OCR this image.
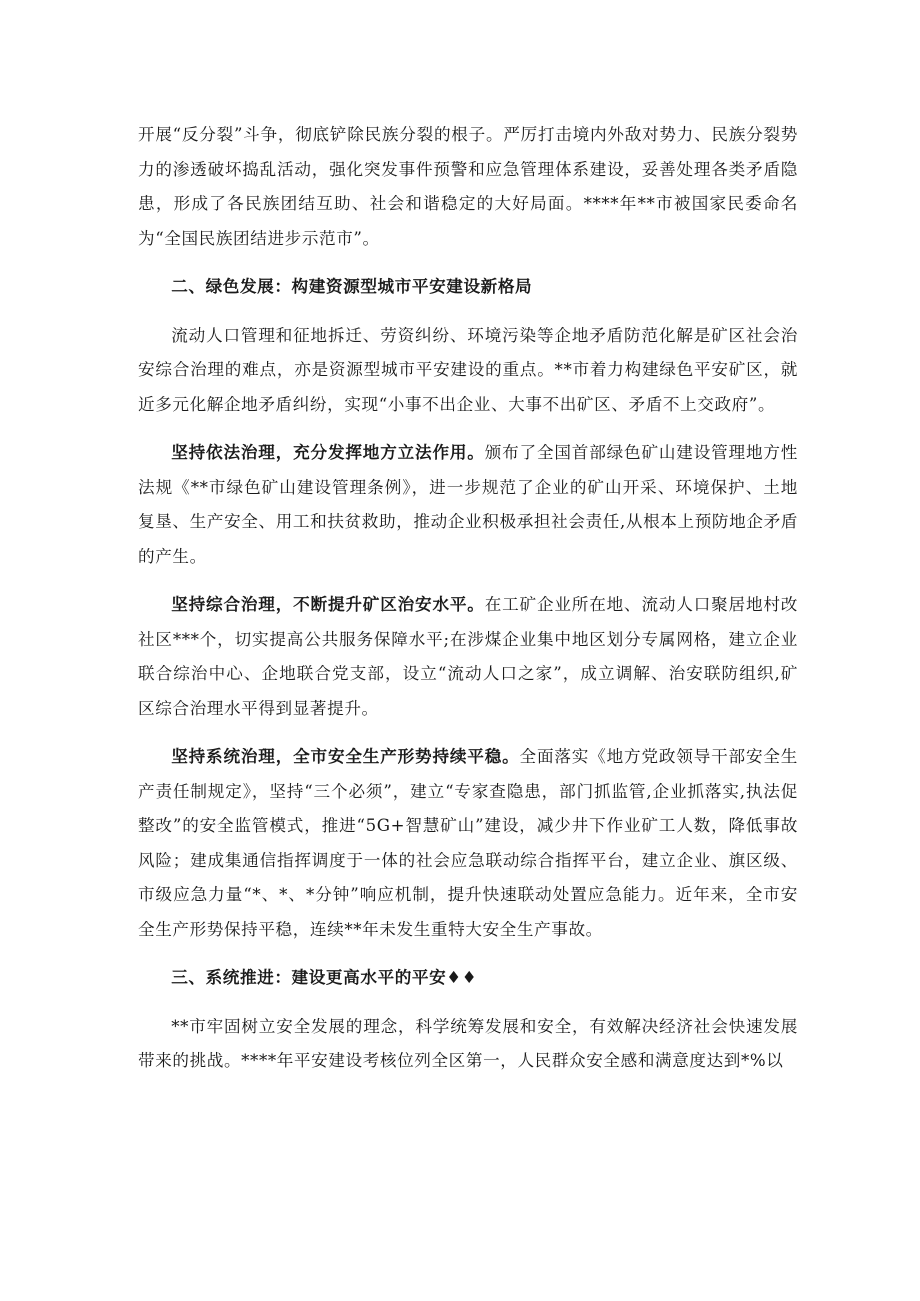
开展“反分裂”斗争，彻底铲除民族分裂的根子。严厉打击境内外敌对势力、民族分裂势力的渗透破坏捣乱活动，强化突发事件预警和应急管理体系建设，妥善处理各类矛盾隐患，形成了各民族团结互助、社会和谐稳定的大好局面。****年**市被国家民委命名为“全国民族团结进步示范市”。

二、绿色发展：构建资源型城市平安建设新格局

流动人口管理和征地拆迁、劳资纠纷、环境污染等企地矛盾防范化解是矿区社会治安综合治理的难点，亦是资源型城市平安建设的重点。**市着力构建绿色平安矿区，就近多元化解企地矛盾纠纷，实现“小事不出企业、大事不出矿区、矛盾不上交政府”。

坚持依法治理，充分发挥地方立法作用。颁布了全国首部绿色矿山建设管理地方性法规《**市绿色矿山建设管理条例》，进一步规范了企业的矿山开采、环境保护、土地复垦、生产安全、用工和扶贫救助，推动企业积极承担社会责任,从根本上预防地企矛盾的产生。

坚持综合治理，不断提升矿区治安水平。在工矿企业所在地、流动人口聚居地村改社区***个，切实提高公共服务保障水平;在涉煤企业集中地区划分专属网格，建立企业联合综治中心、企地联合党支部，设立“流动人口之家”，成立调解、治安联防组织,矿区综合治理水平得到显著提升。

坚持系统治理，全市安全生产形势持续平稳。全面落实《地方党政领导干部安全生产责任制规定》，坚持“三个必须”，建立“专家查隐患，部门抓监管,企业抓落实,执法促整改”的安全监管模式，推进“5G+智慧矿山”建设，减少井下作业矿工人数，降低事故风险；建成集通信指挥调度于一体的社会应急联动综合指挥平台，建立企业、旗区级、市级应急力量“*、*、*分钟”响应机制，提升快速联动处置应急能力。近年来，全市安全生产形势保持平稳，连续**年未发生重特大安全生产事故。

三、系统推进：建设更高水平的平安♦♦

**市牢固树立安全发展的理念，科学统筹发展和安全，有效解决经济社会快速发展带来的挑战。****年平安建设考核位列全区第一，人民群众安全感和满意度达到*%以
